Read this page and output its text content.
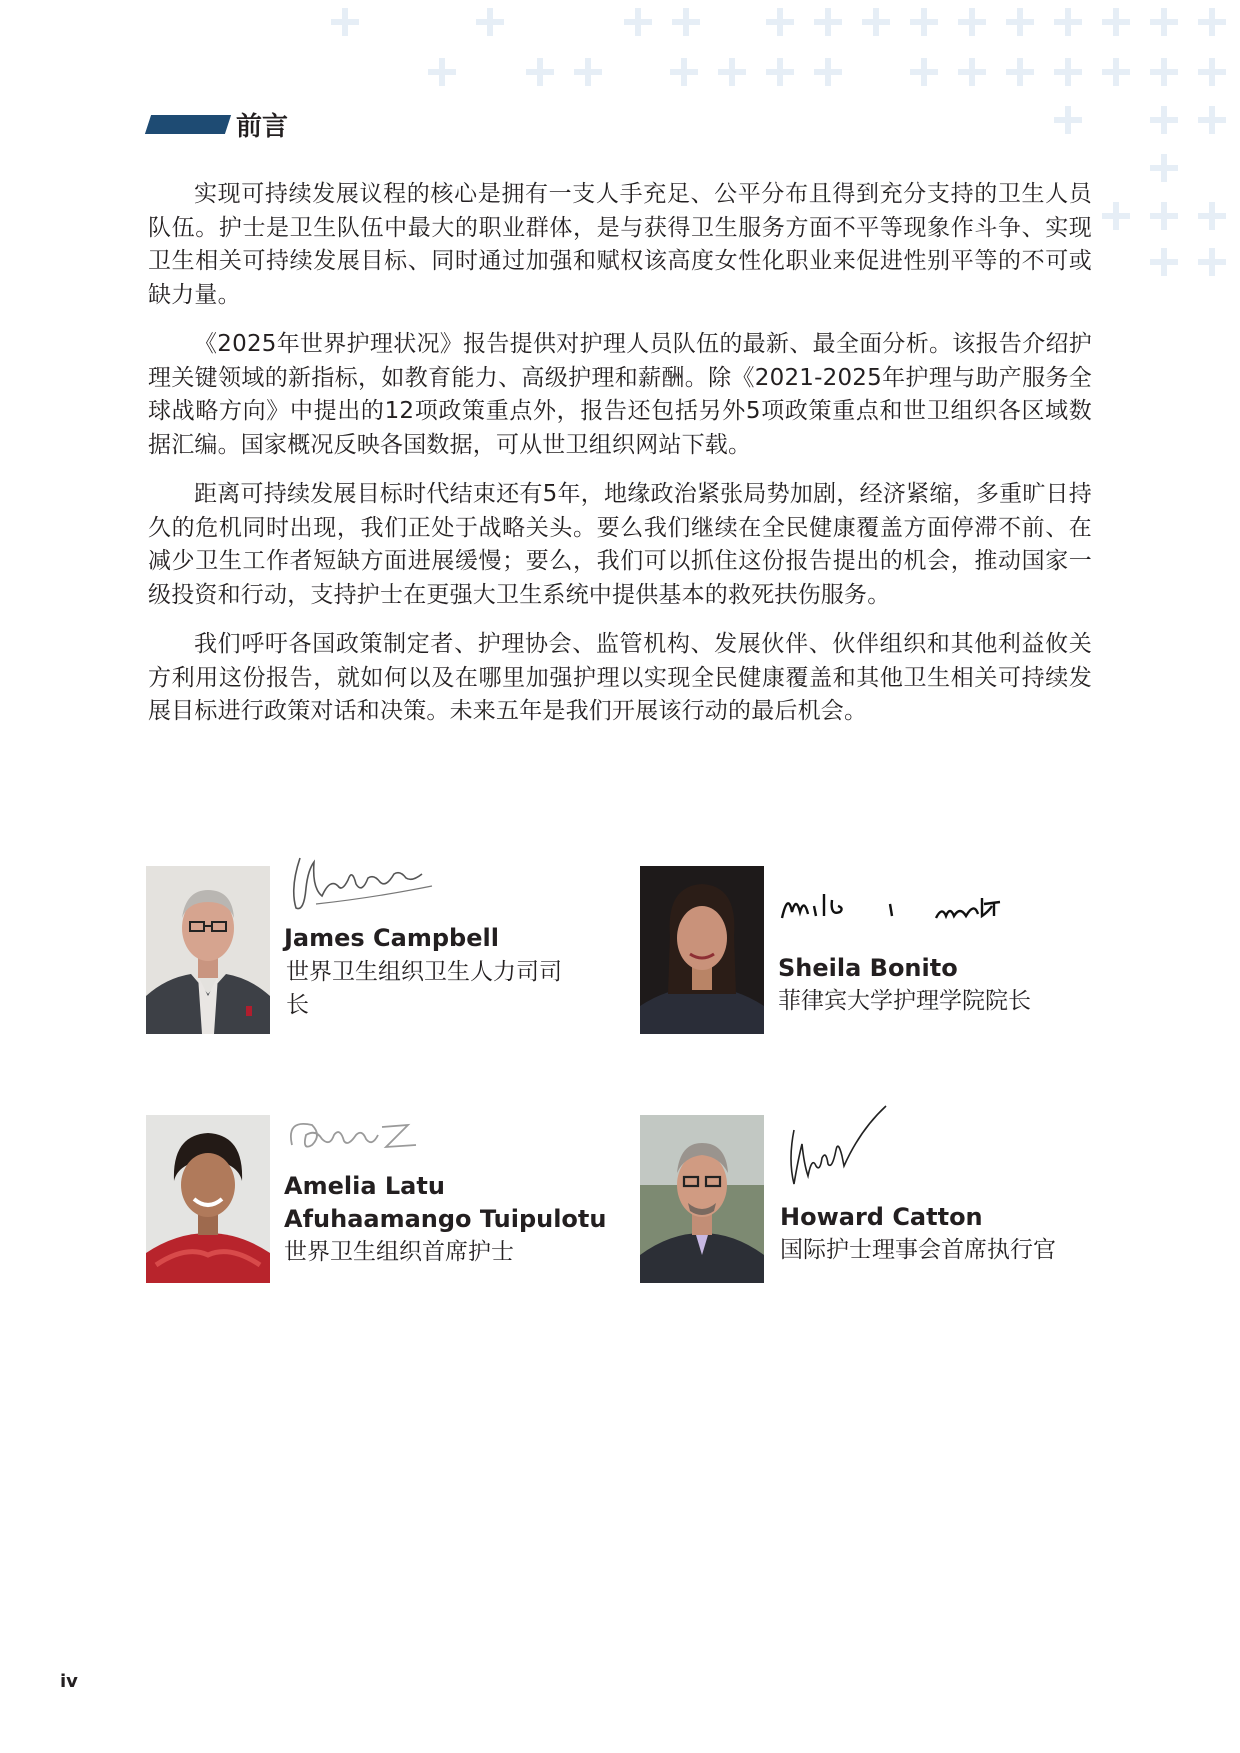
前言

实现可持续发展议程的核心是拥有一支人手充足、公平分布且得到充分支持的卫生人员队伍。护士是卫生队伍中最大的职业群体，是与获得卫生服务方面不平等现象作斗争、实现卫生相关可持续发展目标、同时通过加强和赋权该高度女性化职业来促进性别平等的不可或缺力量。

《2025年世界护理状况》报告提供对护理人员队伍的最新、最全面分析。该报告介绍护理关键领域的新指标，如教育能力、高级护理和薪酬。除《2021-2025年护理与助产服务全球战略方向》中提出的12项政策重点外，报告还包括另外5项政策重点和世卫组织各区域数据汇编。国家概况反映各国数据，可从世卫组织网站下载。

距离可持续发展目标时代结束还有5年，地缘政治紧张局势加剧，经济紧缩，多重旷日持久的危机同时出现，我们正处于战略关头。要么我们继续在全民健康覆盖方面停滞不前、在减少卫生工作者短缺方面进展缓慢；要么，我们可以抓住这份报告提出的机会，推动国家一级投资和行动，支持护士在更强大卫生系统中提供基本的救死扶伤服务。

我们呼吁各国政策制定者、护理协会、监管机构、发展伙伴、伙伴组织和其他利益攸关方利用这份报告，就如何以及在哪里加强护理以实现全民健康覆盖和其他卫生相关可持续发展目标进行政策对话和决策。未来五年是我们开展该行动的最后机会。

James Campbell
世界卫生组织卫生人力司司长
Sheila Bonito
菲律宾大学护理学院院长
Amelia Latu
Afuhaamango Tuipulotu
世界卫生组织首席护士
Howard Catton
国际护士理事会首席执行官
iv
